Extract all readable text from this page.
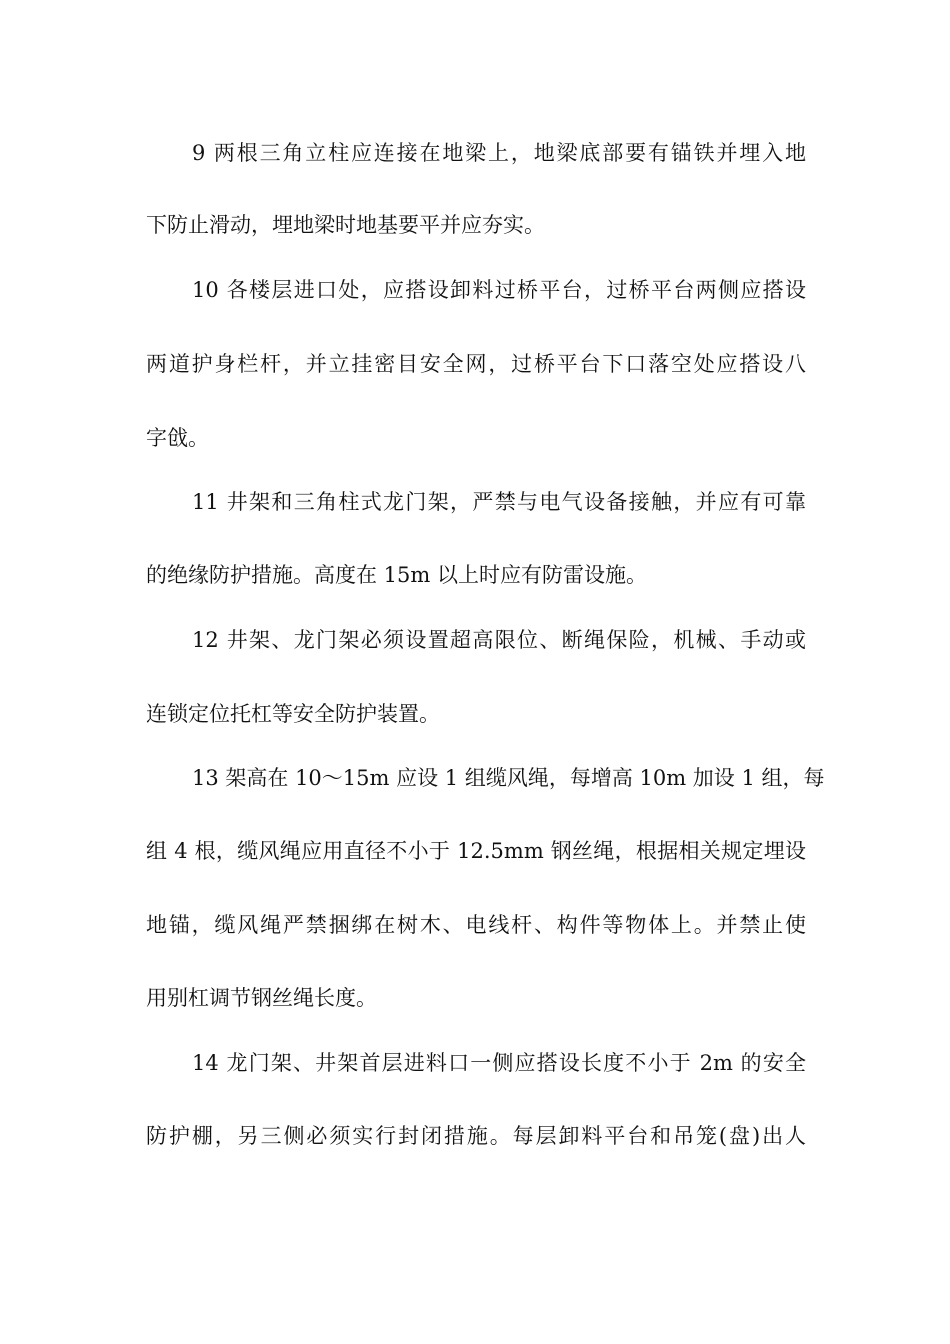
9 两根三角立柱应连接在地梁上，地梁底部要有锚铁并埋入地
下防止滑动，埋地梁时地基要平并应夯实。
10 各楼层进口处，应搭设卸料过桥平台，过桥平台两侧应搭设
两道护身栏杆，并立挂密目安全网，过桥平台下口落空处应搭设八
字戗。
11 井架和三角柱式龙门架，严禁与电气设备接触，并应有可靠
的绝缘防护措施。高度在 15m 以上时应有防雷设施。
12 井架、龙门架必须设置超高限位、断绳保险，机械、手动或
连锁定位托杠等安全防护装置。
13 架高在 10～15m 应设 1 组缆风绳，每增高 10m 加设 1 组，每
组 4 根，缆风绳应用直径不小于 12.5mm 钢丝绳，根据相关规定埋设
地锚，缆风绳严禁捆绑在树木、电线杆、构件等物体上。并禁止使
用别杠调节钢丝绳长度。
14 龙门架、井架首层进料口一侧应搭设长度不小于 2m 的安全
防护棚，另三侧必须实行封闭措施。每层卸料平台和吊笼(盘)出人
